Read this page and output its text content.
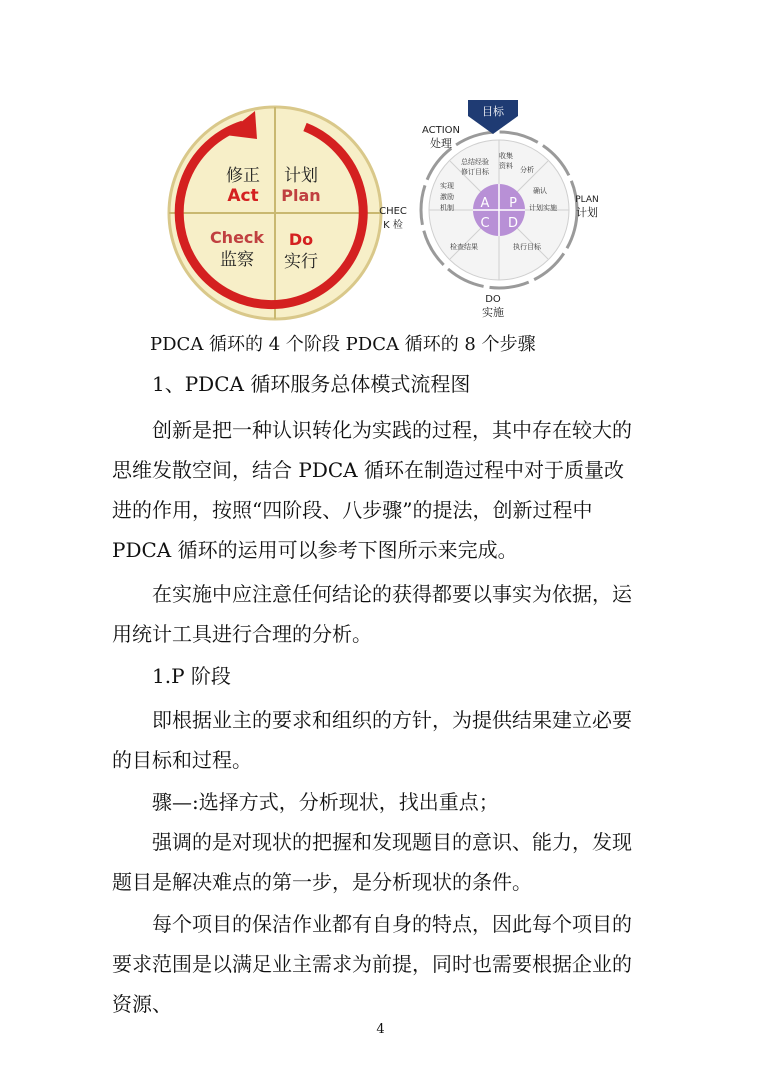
修正
Act
计划
Plan
Check
监察
Do
实行
A P
C D
目标
ACTION
处理
PLAN
计划
CHEC
K 检
DO
实施
总结经验
修订目标
收集
资料 分析
确认
计划实施
实现
激励
机制
检查结果	执行目标
PDCA 循环的 4 个阶段 PDCA 循环的 8 个步骤

1、PDCA 循环服务总体模式流程图

创新是把一种认识转化为实践的过程，其中存在较大的思维发散空间，结合 PDCA 循环在制造过程中对于质量改进的作用，按照“四阶段、八步骤”的提法，创新过程中 PDCA 循环的运用可以参考下图所示来完成。

在实施中应注意任何结论的获得都要以事实为依据，运用统计工具进行合理的分析。

1.P 阶段

即根据业主的要求和组织的方针，为提供结果建立必要的目标和过程。

骤—:选择方式，分析现状，找出重点；

强调的是对现状的把握和发现题目的意识、能力，发现题目是解决难点的第一步，是分析现状的条件。

每个项目的保洁作业都有自身的特点，因此每个项目的要求范围是以满足业主需求为前提，同时也需要根据企业的资源、

4
